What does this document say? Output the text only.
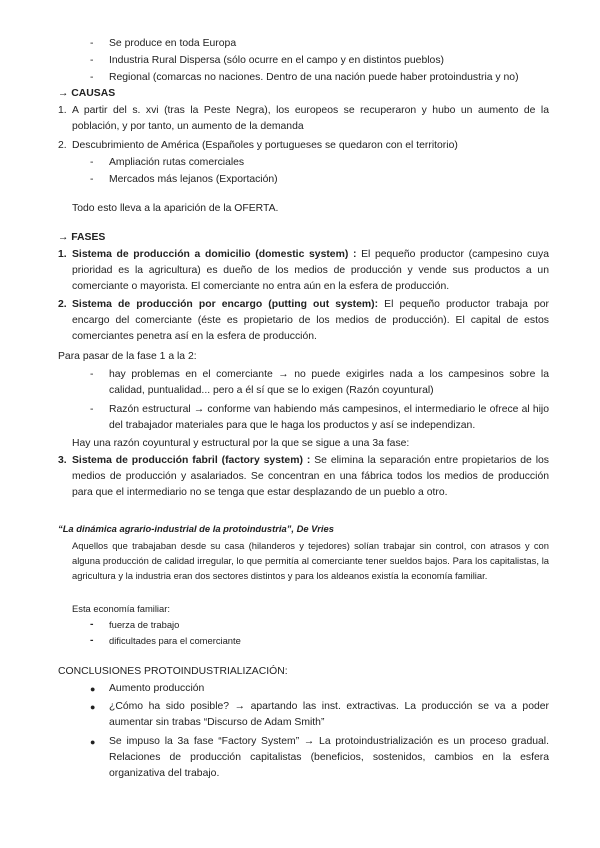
- Se produce en toda Europa
- Industria Rural Dispersa (sólo ocurre en el campo y en distintos pueblos)
- Regional (comarcas no naciones. Dentro de una nación puede haber protoindustria y no)
→ CAUSAS
1. A partir del s. xvi (tras la Peste Negra), los europeos se recuperaron y hubo un aumento de la población, y por tanto, un aumento de la demanda
2. Descubrimiento de América (Españoles y portugueses se quedaron con el territorio)
- Ampliación rutas comerciales
- Mercados más lejanos (Exportación)
Todo esto lleva a la aparición de la OFERTA.
→ FASES
1. Sistema de producción a domicilio (domestic system) : El pequeño productor (campesino cuya prioridad es la agricultura) es dueño de los medios de producción y vende sus productos a un comerciante o mayorista. El comerciante no entra aún en la esfera de producción.
2. Sistema de producción por encargo (putting out system): El pequeño productor trabaja por encargo del comerciante (éste es propietario de los medios de producción). El capital de estos comerciantes penetra así en la esfera de producción.
Para pasar de la fase 1 a la 2:
- hay problemas en el comerciante → no puede exigirles nada a los campesinos sobre la calidad, puntualidad... pero a él sí que se lo exigen (Razón coyuntural)
- Razón estructural → conforme van habiendo más campesinos, el intermediario le ofrece al hijo del trabajador materiales para que le haga los productos y así se independizan.
Hay una razón coyuntural y estructural por la que se sigue a una 3a fase:
3. Sistema de producción fabril (factory system) : Se elimina la separación entre propietarios de los medios de producción y asalariados. Se concentran en una fábrica todos los medios de producción para que el intermediario no se tenga que estar desplazando de un pueblo a otro.
“La dinámica agrario-industrial de la protoindustria”, De Vries
Aquellos que trabajaban desde su casa (hilanderos y tejedores) solían trabajar sin control, con atrasos y con alguna producción de calidad irregular, lo que permitía al comerciante tener sueldos bajos. Para los capitalistas, la agricultura y la industria eran dos sectores distintos y para los aldeanos existía la economía familiar.
Esta economía familiar:
- fuerza de trabajo
- dificultades para el comerciante
CONCLUSIONES PROTOINDUSTRIALIZACIÓN:
● Aumento producción
● ¿Cómo ha sido posible? → apartando las inst. extractivas. La producción se va a poder aumentar sin trabas “Discurso de Adam Smith”
● Se impuso la 3a fase “Factory System” → La protoindustrialización es un proceso gradual. Relaciones de producción capitalistas (beneficios, sostenidos, cambios en la esfera organizativa del trabajo.
